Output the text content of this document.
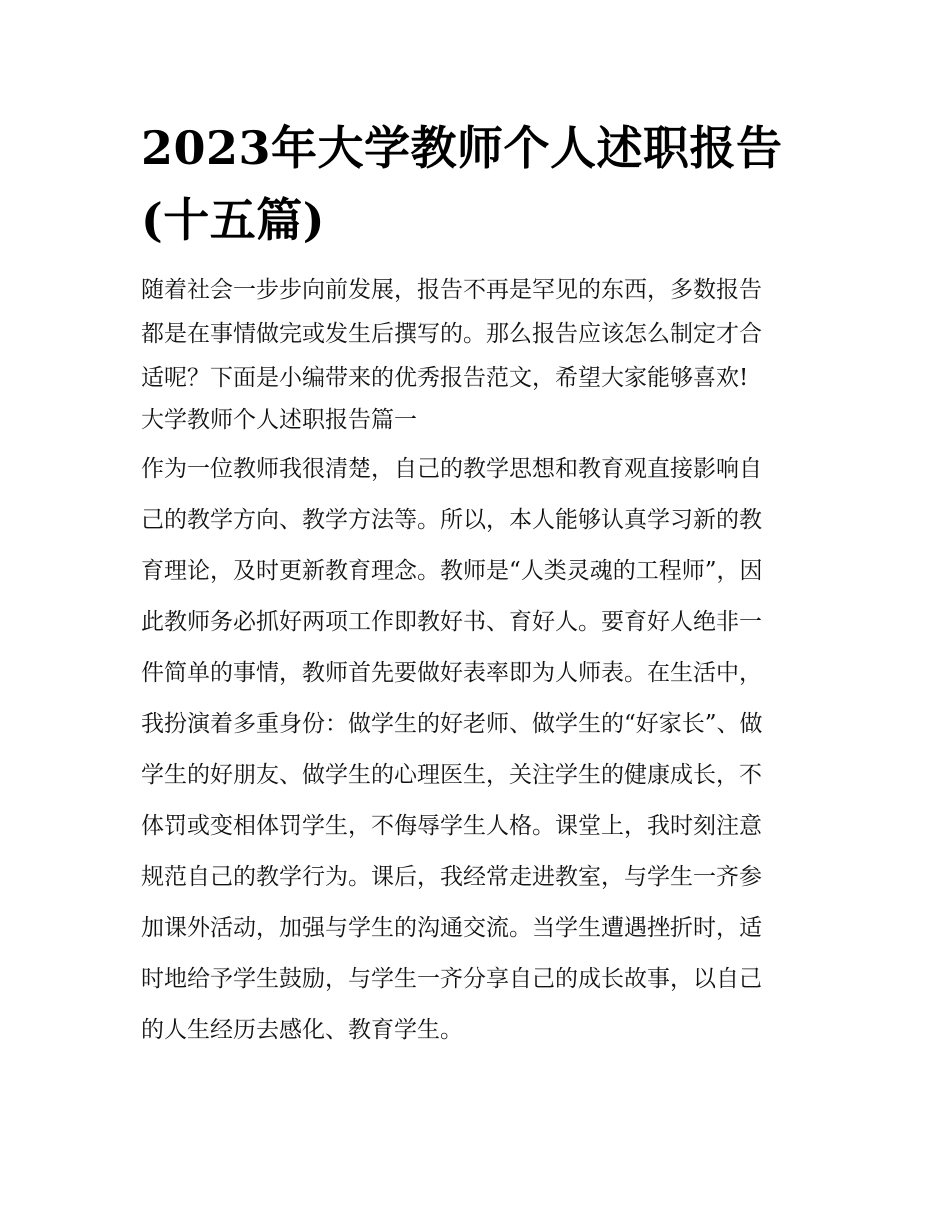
2023年大学教师个人述职报告
(十五篇)

随着社会一步步向前发展，报告不再是罕见的东西，多数报告

都是在事情做完或发生后撰写的。那么报告应该怎么制定才合

适呢？下面是小编带来的优秀报告范文，希望大家能够喜欢!

大学教师个人述职报告篇一

作为一位教师我很清楚，自己的教学思想和教育观直接影响自

己的教学方向、教学方法等。所以，本人能够认真学习新的教

育理论，及时更新教育理念。教师是“人类灵魂的工程师”，因

此教师务必抓好两项工作即教好书、育好人。要育好人绝非一

件简单的事情，教师首先要做好表率即为人师表。在生活中，

我扮演着多重身份：做学生的好老师、做学生的“好家长”、做

学生的好朋友、做学生的心理医生，关注学生的健康成长，不

体罚或变相体罚学生，不侮辱学生人格。课堂上，我时刻注意

规范自己的教学行为。课后，我经常走进教室，与学生一齐参

加课外活动，加强与学生的沟通交流。当学生遭遇挫折时，适

时地给予学生鼓励，与学生一齐分享自己的成长故事，以自己

的人生经历去感化、教育学生。
